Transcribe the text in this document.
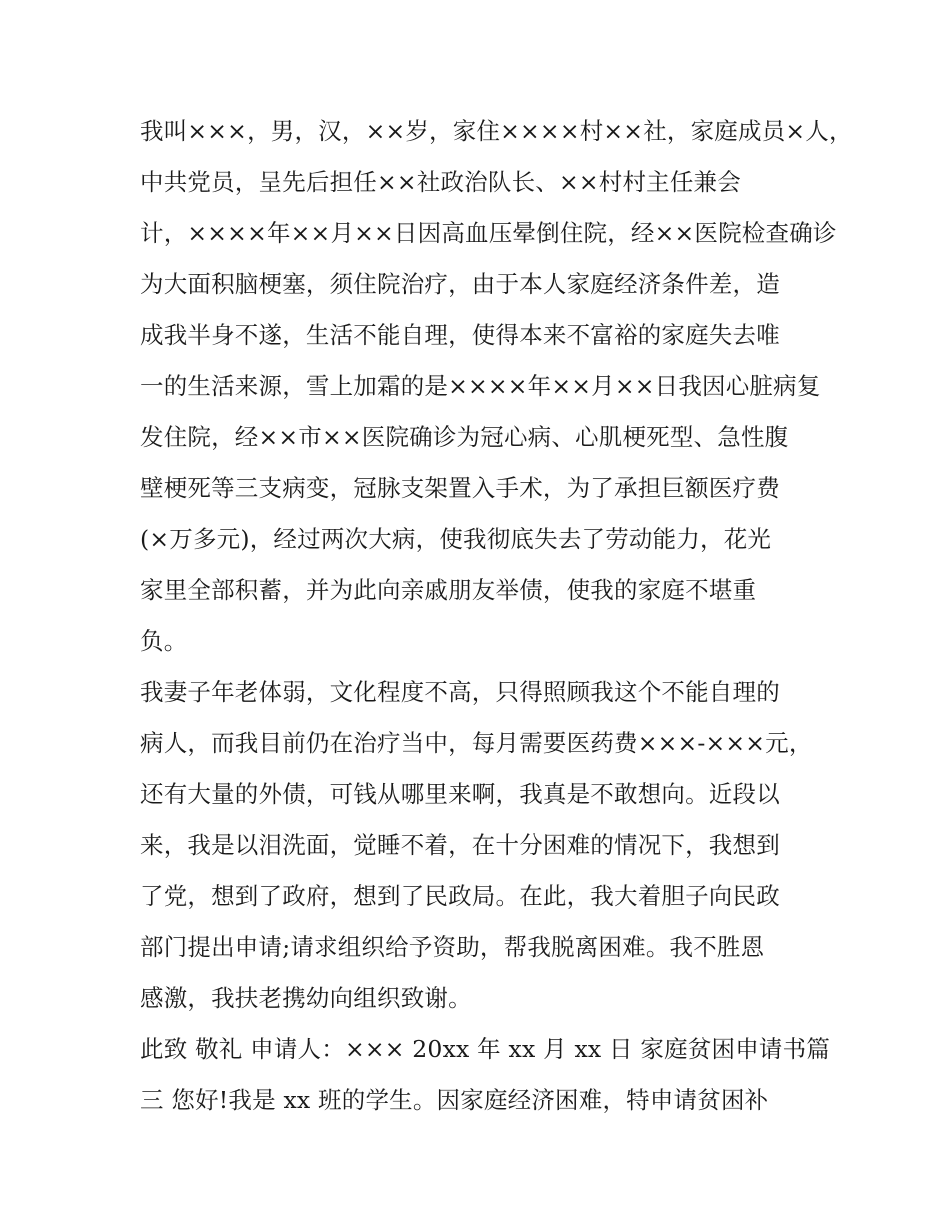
我叫×××，男，汉，××岁，家住××××村××社，家庭成员×人，
中共党员，呈先后担任××社政治队长、××村村主任兼会
计，××××年××月××日因高血压晕倒住院，经××医院检查确诊
为大面积脑梗塞，须住院治疗，由于本人家庭经济条件差，造
成我半身不遂，生活不能自理，使得本来不富裕的家庭失去唯
一的生活来源，雪上加霜的是××××年××月××日我因心脏病复
发住院，经××市××医院确诊为冠心病、心肌梗死型、急性腹
壁梗死等三支病变，冠脉支架置入手术，为了承担巨额医疗费
(×万多元)，经过两次大病，使我彻底失去了劳动能力，花光
家里全部积蓄，并为此向亲戚朋友举债，使我的家庭不堪重
负。
我妻子年老体弱，文化程度不高，只得照顾我这个不能自理的
病人，而我目前仍在治疗当中，每月需要医药费×××-×××元，
还有大量的外债，可钱从哪里来啊，我真是不敢想向。近段以
来，我是以泪洗面，觉睡不着，在十分困难的情况下，我想到
了党，想到了政府，想到了民政局。在此，我大着胆子向民政
部门提出申请;请求组织给予资助，帮我脱离困难。我不胜恩
感激，我扶老携幼向组织致谢。
此致 敬礼 申请人：××× 20xx 年 xx 月 xx 日 家庭贫困申请书篇
三 您好!我是 xx 班的学生。因家庭经济困难，特申请贫困补
